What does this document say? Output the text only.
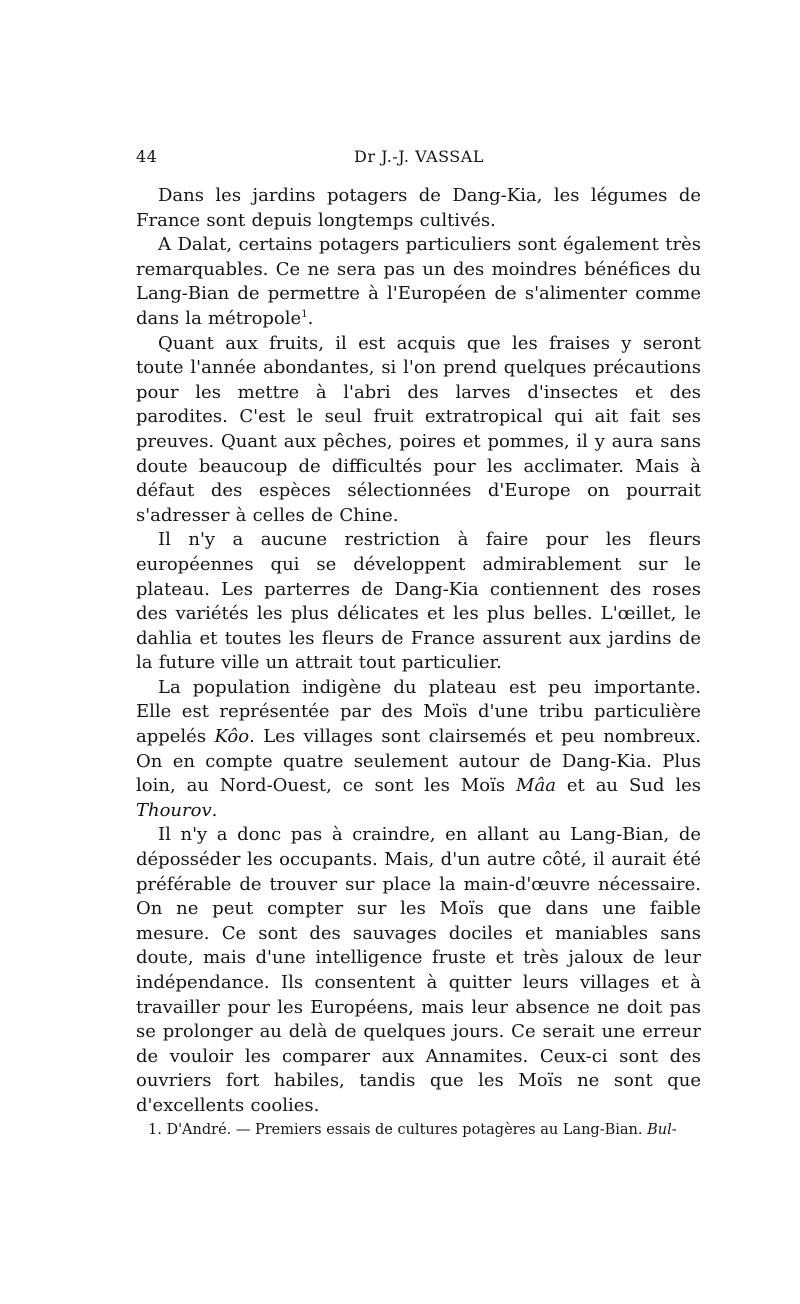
44	Dr J.-J. VASSAL

Dans les jardins potagers de Dang-Kia, les légumes de France sont depuis longtemps cultivés.

A Dalat, certains potagers particuliers sont également très remarquables. Ce ne sera pas un des moindres bénéfices du Lang-Bian de permettre à l'Européen de s'alimenter comme dans la métropole$^1$.

Quant aux fruits, il est acquis que les fraises y seront toute l'année abondantes, si l'on prend quelques précautions pour les mettre à l'abri des larves d'insectes et des parodites. C'est le seul fruit extratropical qui ait fait ses preuves. Quant aux pêches, poires et pommes, il y aura sans doute beaucoup de difficultés pour les acclimater. Mais à défaut des espèces sélectionnées d'Europe on pourrait s'adresser à celles de Chine.

Il n'y a aucune restriction à faire pour les fleurs européennes qui se développent admirablement sur le plateau. Les parterres de Dang-Kia contiennent des roses des variétés les plus délicates et les plus belles. L'œillet, le dahlia et toutes les fleurs de France assurent aux jardins de la future ville un attrait tout particulier.

La population indigène du plateau est peu importante. Elle est représentée par des Moïs d'une tribu particulière appelés Kôo. Les villages sont clairsemés et peu nombreux. On en compte quatre seulement autour de Dang-Kia. Plus loin, au Nord-Ouest, ce sont les Moïs Mâa et au Sud les Thourov.

Il n'y a donc pas à craindre, en allant au Lang-Bian, de déposséder les occupants. Mais, d'un autre côté, il aurait été préférable de trouver sur place la main-d'œuvre nécessaire. On ne peut compter sur les Moïs que dans une faible mesure. Ce sont des sauvages dociles et maniables sans doute, mais d'une intelligence fruste et très jaloux de leur indépendance. Ils consentent à quitter leurs villages et à travailler pour les Européens, mais leur absence ne doit pas se prolonger au delà de quelques jours. Ce serait une erreur de vouloir les comparer aux Annamites. Ceux-ci sont des ouvriers fort habiles, tandis que les Moïs ne sont que d'excellents coolies.

1. D'André. — Premiers essais de cultures potagères au Lang-Bian. Bul-
